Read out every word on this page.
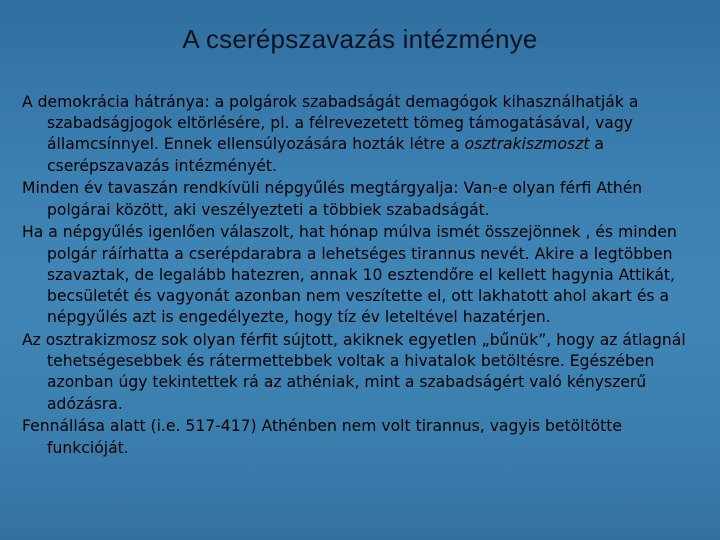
A cserépszavazás intézménye

A demokrácia hátránya: a polgárok szabadságát demagógok kihasználhatják a szabadságjogok eltörlésére, pl. a félrevezetett tömeg támogatásával, vagy államcsínnyel. Ennek ellensúlyozására hozták létre a osztrakiszmoszt a cserépszavazás intézményét.

Minden év tavaszán rendkívüli népgyűlés megtárgyalja: Van-e olyan férfi Athén polgárai között, aki veszélyezteti a többiek szabadságát.

Ha a népgyűlés igenlően válaszolt, hat hónap múlva ismét összejönnek , és minden polgár ráírhatta a cserépdarabra a lehetséges tirannus nevét. Akire a legtöbben szavaztak, de legalább hatezren, annak 10 esztendőre el kellett hagynia Attikát, becsületét és vagyonát azonban nem veszítette el, ott lakhatott ahol akart és a népgyűlés azt is engedélyezte, hogy tíz év leteltével hazatérjen.

Az osztrakizmosz sok olyan férfit sújtott, akiknek egyetlen „bűnük”, hogy az átlagnál tehetségesebbek és rátermettebbek voltak a hivatalok betöltésre. Egészében azonban úgy tekintettek rá az athéniak, mint a szabadságért való kényszerű adózásra.

Fennállása alatt (i.e. 517-417) Athénben nem volt tirannus, vagyis betöltötte funkcióját.
